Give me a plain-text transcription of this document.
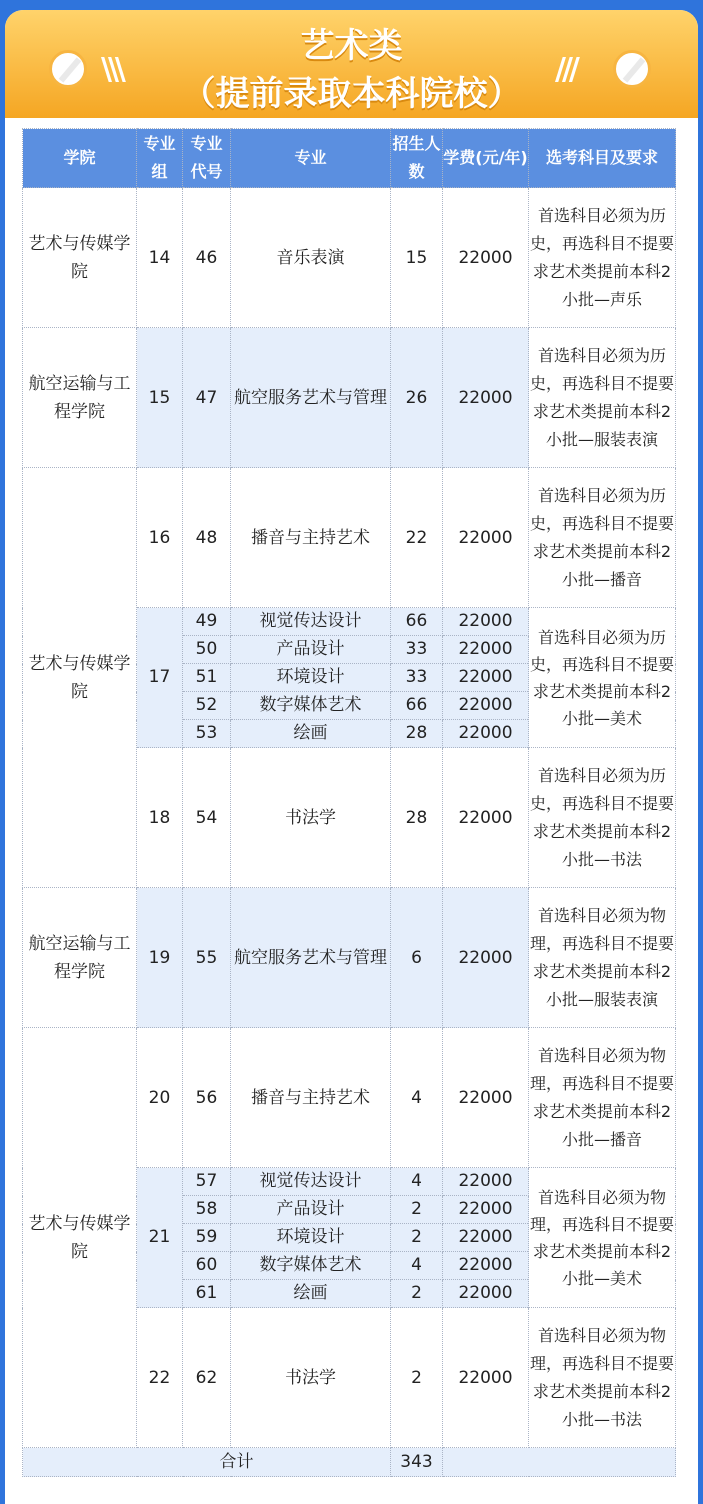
\\\
艺术类
（提前录取本科院校）
///
学院	专业组	专业代号	专业	招生人数	学费(元/年)	选考科目及要求
艺术与传媒学院	14	46	音乐表演	15	22000	首选科目必须为历史，再选科目不提要求艺术类提前本科2小批—声乐
航空运输与工程学院	15	47	航空服务艺术与管理	26	22000	首选科目必须为历史，再选科目不提要求艺术类提前本科2小批—服装表演
艺术与传媒学院	16	48	播音与主持艺术	22	22000	首选科目必须为历史，再选科目不提要求艺术类提前本科2小批—播音
	17	49	视觉传达设计	66	22000	首选科目必须为历史，再选科目不提要求艺术类提前本科2小批—美术
		50	产品设计	33	22000	
		51	环境设计	33	22000	
		52	数字媒体艺术	66	22000	
		53	绘画	28	22000	
	18	54	书法学	28	22000	首选科目必须为历史，再选科目不提要求艺术类提前本科2小批—书法
航空运输与工程学院	19	55	航空服务艺术与管理	6	22000	首选科目必须为物理，再选科目不提要求艺术类提前本科2小批—服装表演
艺术与传媒学院	20	56	播音与主持艺术	4	22000	首选科目必须为物理，再选科目不提要求艺术类提前本科2小批—播音
	21	57	视觉传达设计	4	22000	首选科目必须为物理，再选科目不提要求艺术类提前本科2小批—美术
		58	产品设计	2	22000	
		59	环境设计	2	22000	
		60	数字媒体艺术	4	22000	
		61	绘画	2	22000	
	22	62	书法学	2	22000	首选科目必须为物理，再选科目不提要求艺术类提前本科2小批—书法
合计				343		
